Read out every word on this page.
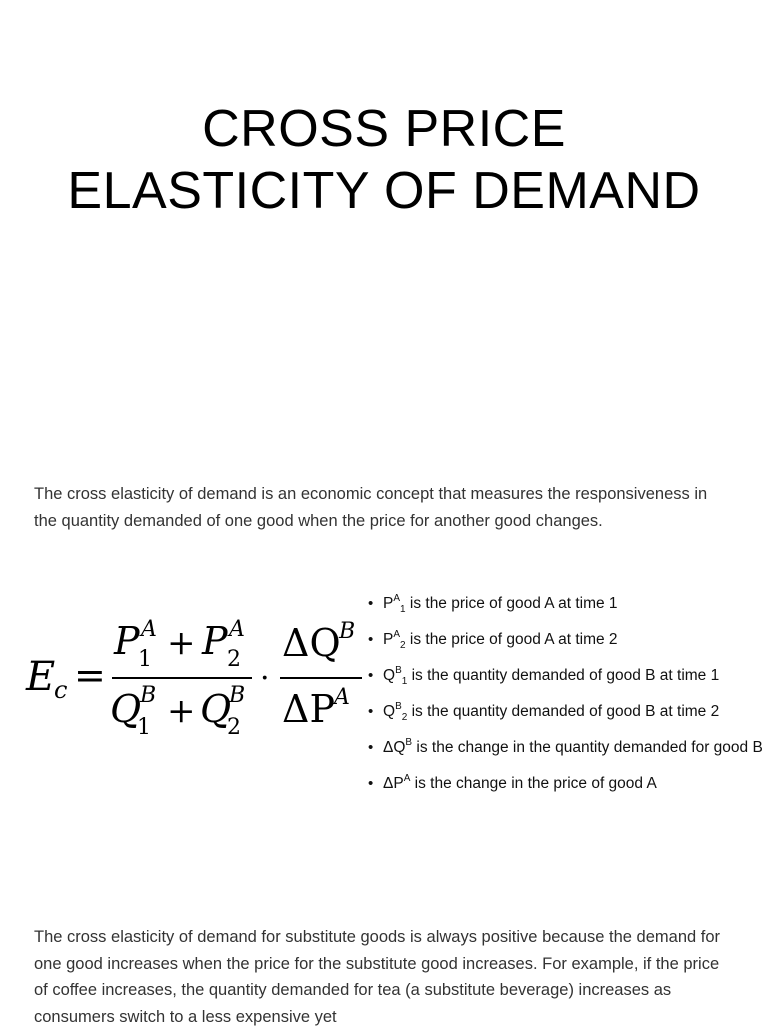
CROSS PRICE
ELASTICITY OF DEMAND
The cross elasticity of demand is an economic concept that measures the responsiveness in the quantity demanded of one good when the price for another good changes.
E
c =
P A
1 + P A
2
Q
B
1 + Q
B
2
·
ΔQ
B
ΔP
A
• $P^A_1$ is the price of good A at time 1
• $P^A_2$ is the price of good A at time 2
• $Q^B_1$ is the quantity demanded of good B at time 1
• $Q^B_2$ is the quantity demanded of good B at time 2
• $\Delta Q^B$ is the change in the quantity demanded for good B
• $\Delta P^A$ is the change in the price of good A
The cross elasticity of demand for substitute goods is always positive because the demand for one good increases when the price for the substitute good increases. For example, if the price of coffee increases, the quantity demanded for tea (a substitute beverage) increases as consumers switch to a less expensive yet
